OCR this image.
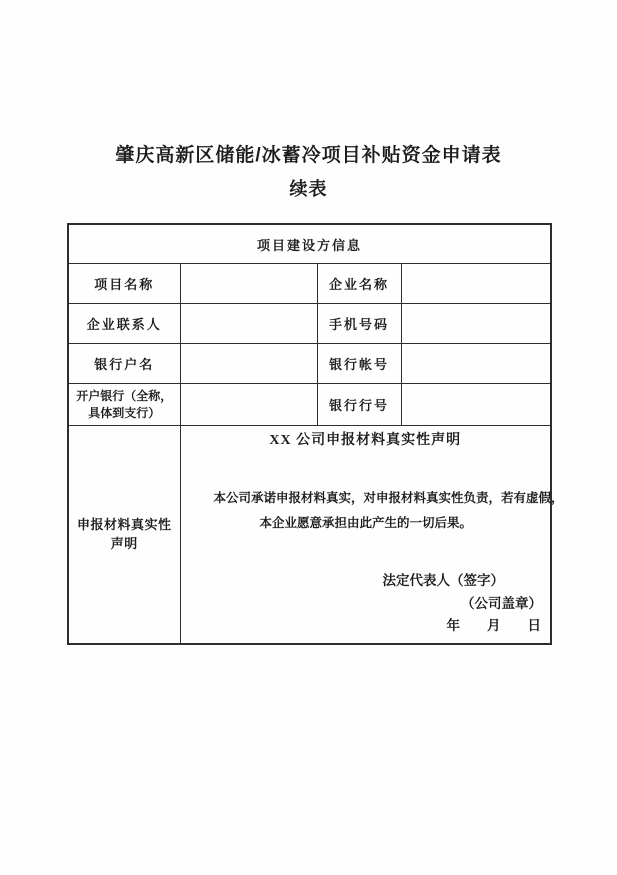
肇庆高新区储能/冰蓄冷项目补贴资金申请表
续表
项目建设方信息			
项目名称		企业名称	
企业联系人		手机号码	
银行户名		银行帐号	
开户银行（全称，具体到支行）		银行行号	
申报材料真实性声明	
XX 公司申报材料真实性声明
本公司承诺申报材料真实，对申报材料真实性负责，若有虚假，
本企业愿意承担由此产生的一切后果。
法定代表人（签字）
（公司盖章）
年　　月　　日
